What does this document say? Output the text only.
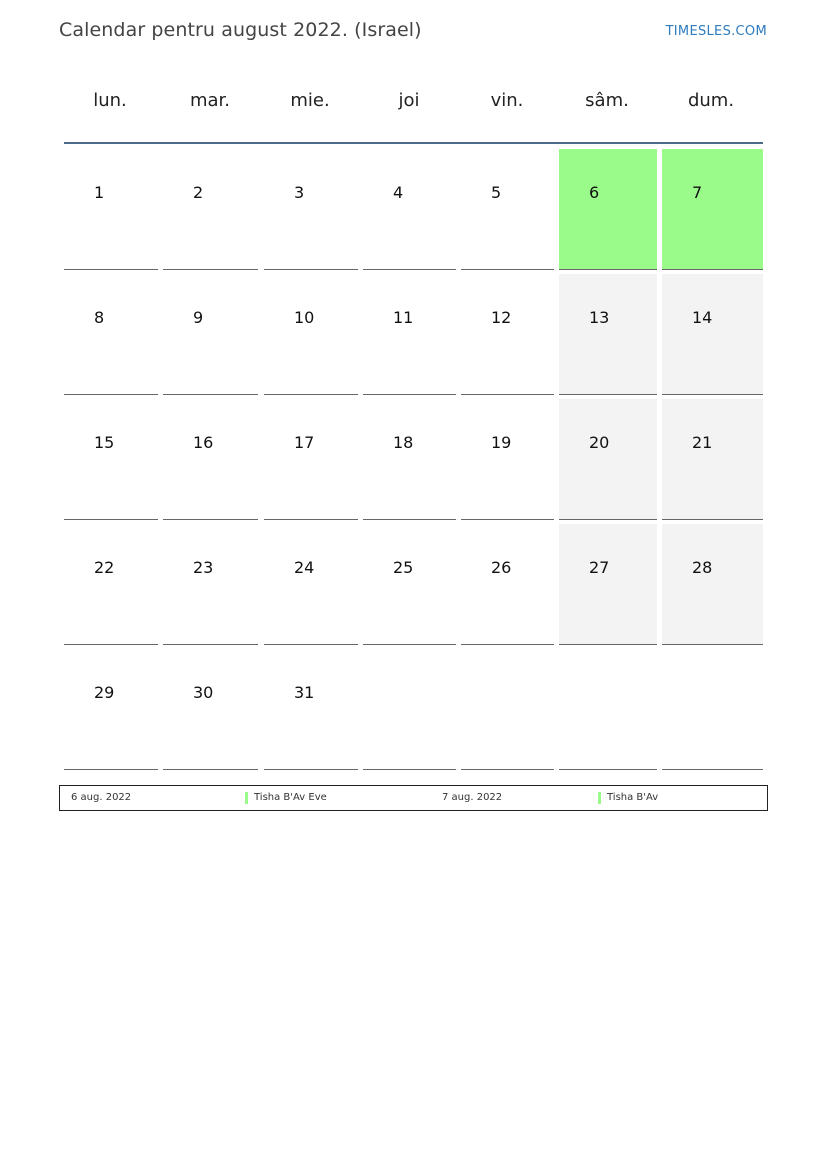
Calendar pentru august 2022. (Israel)	TIMESLES.COM
lun.	mar.	mie.	joi	vin.	sâm.	dum.
1	2	3	4	5	6	7
8	9	10	11	12	13	14
15	16	17	18	19	20	21
22	23	24	25	26	27	28
29	30	31
6 aug. 2022	Tisha B'Av Eve	7 aug. 2022	Tisha B'Av
